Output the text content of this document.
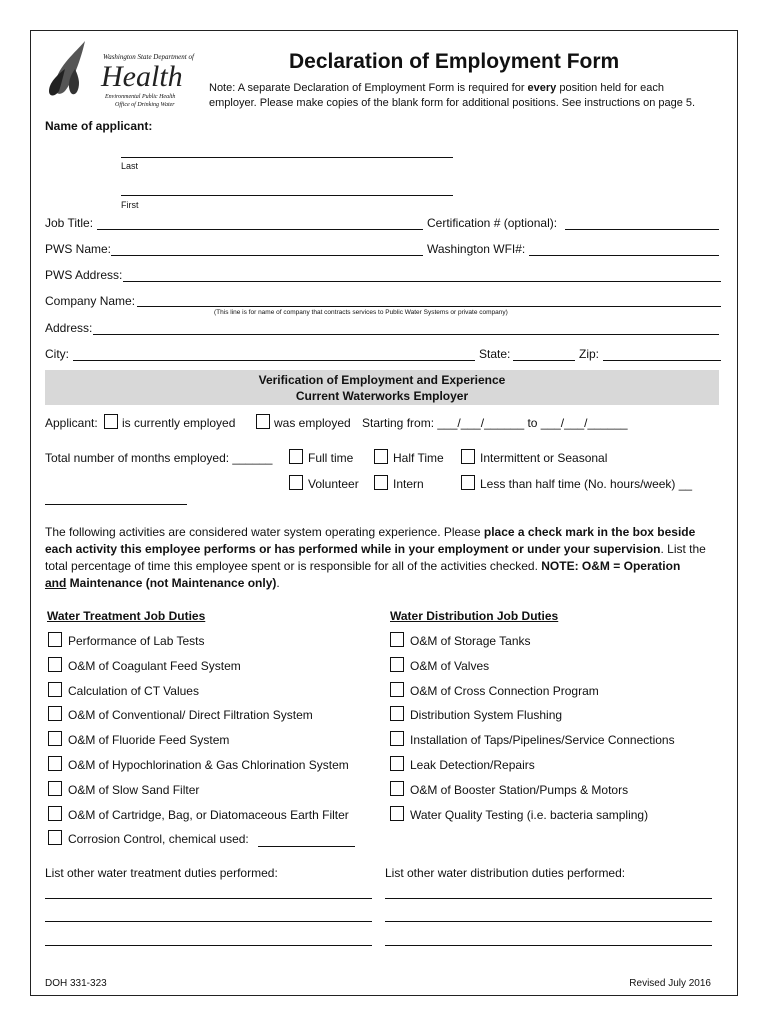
Washington State Department of
Health
Environmental Public Health
Office of Drinking Water
Declaration of Employment Form
Note: A separate Declaration of Employment Form is required for every position held for each
employer. Please make copies of the blank form for additional positions. See instructions on page 5.
Name of applicant:
Last
First
Job Title:	Certification # (optional):
PWS Name:	Washington WFI#:
PWS Address:
Company Name:
(This line is for name of company that contracts services to Public Water Systems or private company)
Address:
City:	State:	Zip:
Verification of Employment and Experience
Current Waterworks Employer
Applicant: is currently employed	was employed Starting from: ___/___/______ to ___/___/______
Total number of months employed: ______	Full time	Half Time	Intermittent or Seasonal
Volunteer	Intern	Less than half time (No. hours/week) __
The following activities are considered water system operating experience. Please place a check mark in the box beside
each activity this employee performs or has performed while in your employment or under your supervision. List the
total percentage of time this employee spent or is responsible for all of the activities checked. NOTE: O&M = Operation
and Maintenance (not Maintenance only).
Water Treatment Job Duties
Performance of Lab Tests
O&M of Coagulant Feed System
Calculation of CT Values
O&M of Conventional/ Direct Filtration System
O&M of Fluoride Feed System
O&M of Hypochlorination & Gas Chlorination System
O&M of Slow Sand Filter
O&M of Cartridge, Bag, or Diatomaceous Earth Filter
Corrosion Control, chemical used:
Water Distribution Job Duties
O&M of Storage Tanks
O&M of Valves
O&M of Cross Connection Program
Distribution System Flushing
Installation of Taps/Pipelines/Service Connections
Leak Detection/Repairs
O&M of Booster Station/Pumps & Motors
Water Quality Testing (i.e. bacteria sampling)
List other water treatment duties performed:	List other water distribution duties performed:
DOH 331-323	Revised July 2016
